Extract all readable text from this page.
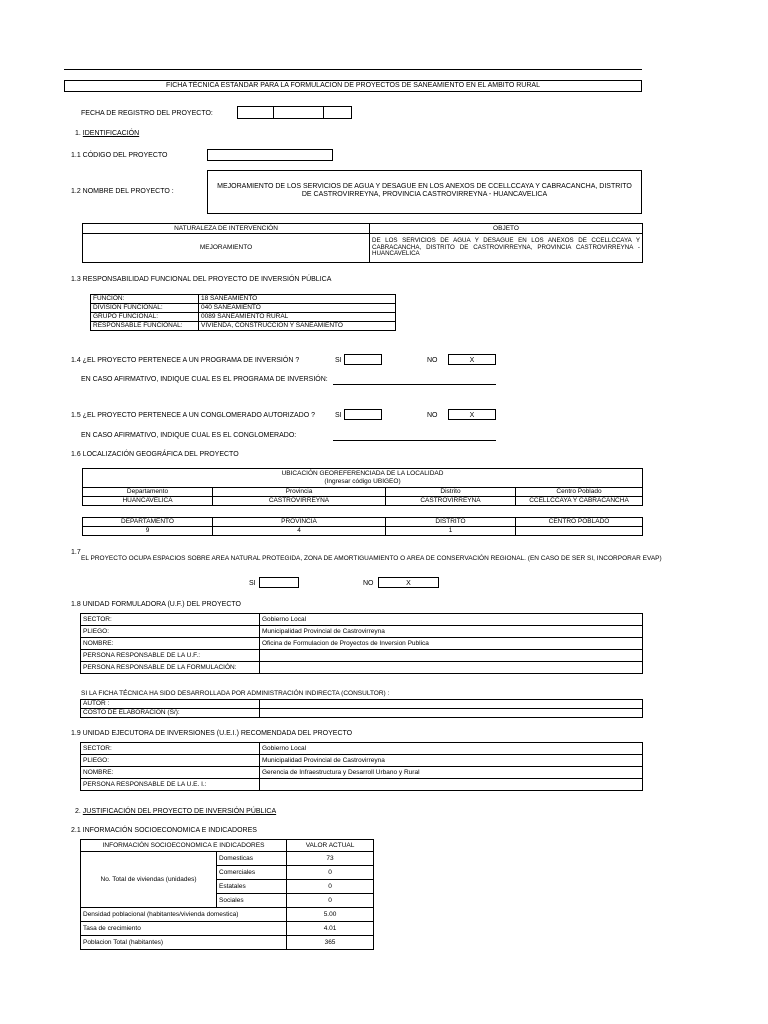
FICHA TÉCNICA ESTANDAR PARA LA FORMULACION DE PROYECTOS DE SANEAMIENTO EN EL AMBITO RURAL
FECHA DE REGISTRO DEL PROYECTO:
1. IDENTIFICACIÓN
1.1 CÓDIGO DEL PROYECTO
1.2 NOMBRE DEL PROYECTO :
MEJORAMIENTO DE LOS SERVICIOS DE AGUA Y DESAGUE EN LOS ANEXOS DE CCELLCCAYA Y CABRACANCHA, DISTRITO DE CASTROVIRREYNA, PROVINCIA CASTROVIRREYNA - HUANCAVELICA
NATURALEZA DE INTERVENCIÓN	OBJETO
MEJORAMIENTO	DE LOS SERVICIOS DE AGUA Y DESAGUE EN LOS ANEXOS DE CCELLCCAYA Y CABRACANCHA, DISTRITO DE CASTROVIRREYNA, PROVINCIA CASTROVIRREYNA - HUANCAVELICA
1.3 RESPONSABILIDAD FUNCIONAL DEL PROYECTO DE INVERSIÓN PÚBLICA
FUNCION:	18 SANEAMIENTO
DIVISION FUNCIONAL:	040 SANEAMIENTO
GRUPO FUNCIONAL:	0089 SANEAMIENTO RURAL
RESPONSABLE FUNCIONAL:	VIVIENDA, CONSTRUCCION Y SANEAMIENTO
1.4 ¿EL PROYECTO PERTENECE A UN PROGRAMA DE INVERSIÓN ?	SI	NO	X
EN CASO AFIRMATIVO, INDIQUE CUAL ES EL PROGRAMA DE INVERSIÓN:
1.5 ¿EL PROYECTO PERTENECE A UN CONGLOMERADO AUTORIZADO ?	SI	NO	X
EN CASO AFIRMATIVO, INDIQUE CUAL ES EL CONGLOMERADO:
1.6 LOCALIZACIÓN GEOGRÁFICA DEL PROYECTO
UBICACIÓN GEOREFERENCIADA DE LA LOCALIDAD
(Ingresar código UBIGEO)			
Departamento	Provincia	Distrito	Centro Poblado
HUANCAVELICA	CASTROVIRREYNA	CASTROVIRREYNA	CCELLCCAYA Y CABRACANCHA
DEPARTAMENTO	PROVINCIA	DISTRITO	CENTRO POBLADO
9	4	1	
1.7
EL PROYECTO OCUPA ESPACIOS SOBRE AREA NATURAL PROTEGIDA, ZONA DE AMORTIGUAMIENTO O AREA DE CONSERVACIÓN REGIONAL. (EN CASO DE SER SI, INCORPORAR EVAP)
SI	NO	X
1.8 UNIDAD FORMULADORA (U.F.) DEL PROYECTO
SECTOR:	Gobierno Local
PLIEGO:	Municipalidad Provincial de Castrovirreyna
NOMBRE:	Oficina de Formulacion de Proyectos de Inversion Publica
PERSONA RESPONSABLE DE LA U.F.:	
PERSONA RESPONSABLE DE LA FORMULACIÓN:	
SI LA FICHA TÉCNICA HA SIDO DESARROLLADA POR ADMINISTRACIÓN INDIRECTA (CONSULTOR) :
AUTOR :	
COSTO DE ELABORACIÓN (S/):	
1.9 UNIDAD EJECUTORA DE INVERSIONES (U.E.I.) RECOMENDADA DEL PROYECTO
SECTOR:	Gobierno Local
PLIEGO:	Municipalidad Provincial de Castrovirreyna
NOMBRE:	Gerencia de Infraestructura y Desarroll Urbano y Rural
PERSONA RESPONSABLE DE LA U.E. I.:	
2. JUSTIFICACIÓN DEL PROYECTO DE INVERSIÓN PÚBLICA
2.1 INFORMACIÓN SOCIOECONOMICA E INDICADORES
INFORMACIÓN SOCIOECONOMICA E INDICADORES		VALOR ACTUAL
No. Total de viviendas (unidades)	Domesticas	73
	Comerciales	0
	Estatales	0
	Sociales	0
Densidad poblacional (habitantes/vivienda domestica)		5.00
Tasa de crecimiento		4.01
Poblacion Total (habitantes)		365
